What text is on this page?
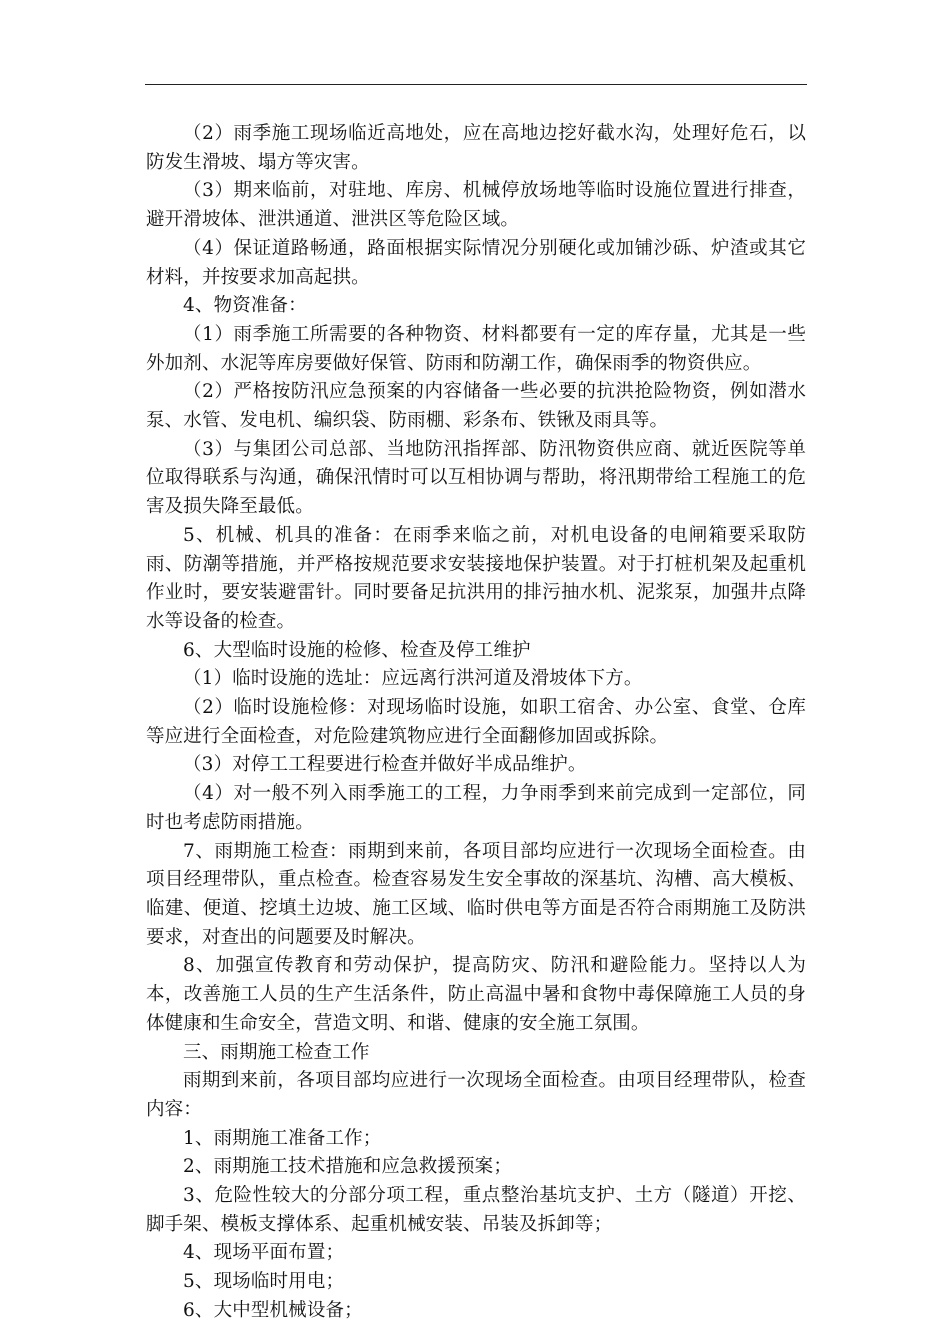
（2）雨季施工现场临近高地处，应在高地边挖好截水沟，处理好危石，以防发生滑坡、塌方等灾害。

（3）期来临前，对驻地、库房、机械停放场地等临时设施位置进行排查，避开滑坡体、泄洪通道、泄洪区等危险区域。

（4）保证道路畅通，路面根据实际情况分别硬化或加铺沙砾、炉渣或其它材料，并按要求加高起拱。

4、物资准备：

（1）雨季施工所需要的各种物资、材料都要有一定的库存量，尤其是一些外加剂、水泥等库房要做好保管、防雨和防潮工作，确保雨季的物资供应。

（2）严格按防汛应急预案的内容储备一些必要的抗洪抢险物资，例如潜水泵、水管、发电机、编织袋、防雨棚、彩条布、铁锹及雨具等。

（3）与集团公司总部、当地防汛指挥部、防汛物资供应商、就近医院等单位取得联系与沟通，确保汛情时可以互相协调与帮助，将汛期带给工程施工的危害及损失降至最低。

5、机械、机具的准备：在雨季来临之前，对机电设备的电闸箱要采取防雨、防潮等措施，并严格按规范要求安装接地保护装置。对于打桩机架及起重机作业时，要安装避雷针。同时要备足抗洪用的排污抽水机、泥浆泵，加强井点降水等设备的检查。

6、大型临时设施的检修、检查及停工维护

（1）临时设施的选址：应远离行洪河道及滑坡体下方。

（2）临时设施检修：对现场临时设施，如职工宿舍、办公室、食堂、仓库等应进行全面检查，对危险建筑物应进行全面翻修加固或拆除。

（3）对停工工程要进行检查并做好半成品维护。

（4）对一般不列入雨季施工的工程，力争雨季到来前完成到一定部位，同时也考虑防雨措施。

7、雨期施工检查：雨期到来前，各项目部均应进行一次现场全面检查。由项目经理带队，重点检查。检查容易发生安全事故的深基坑、沟槽、高大模板、临建、便道、挖填土边坡、施工区域、临时供电等方面是否符合雨期施工及防洪要求，对查出的问题要及时解决。

8、加强宣传教育和劳动保护，提高防灾、防汛和避险能力。坚持以人为本，改善施工人员的生产生活条件，防止高温中暑和食物中毒保障施工人员的身体健康和生命安全，营造文明、和谐、健康的安全施工氛围。

三、雨期施工检查工作

雨期到来前，各项目部均应进行一次现场全面检查。由项目经理带队，检查内容：

1、雨期施工准备工作；

2、雨期施工技术措施和应急救援预案；

3、危险性较大的分部分项工程，重点整治基坑支护、土方（隧道）开挖、脚手架、模板支撑体系、起重机械安装、吊装及拆卸等；

4、现场平面布置；

5、现场临时用电；

6、大中型机械设备；
